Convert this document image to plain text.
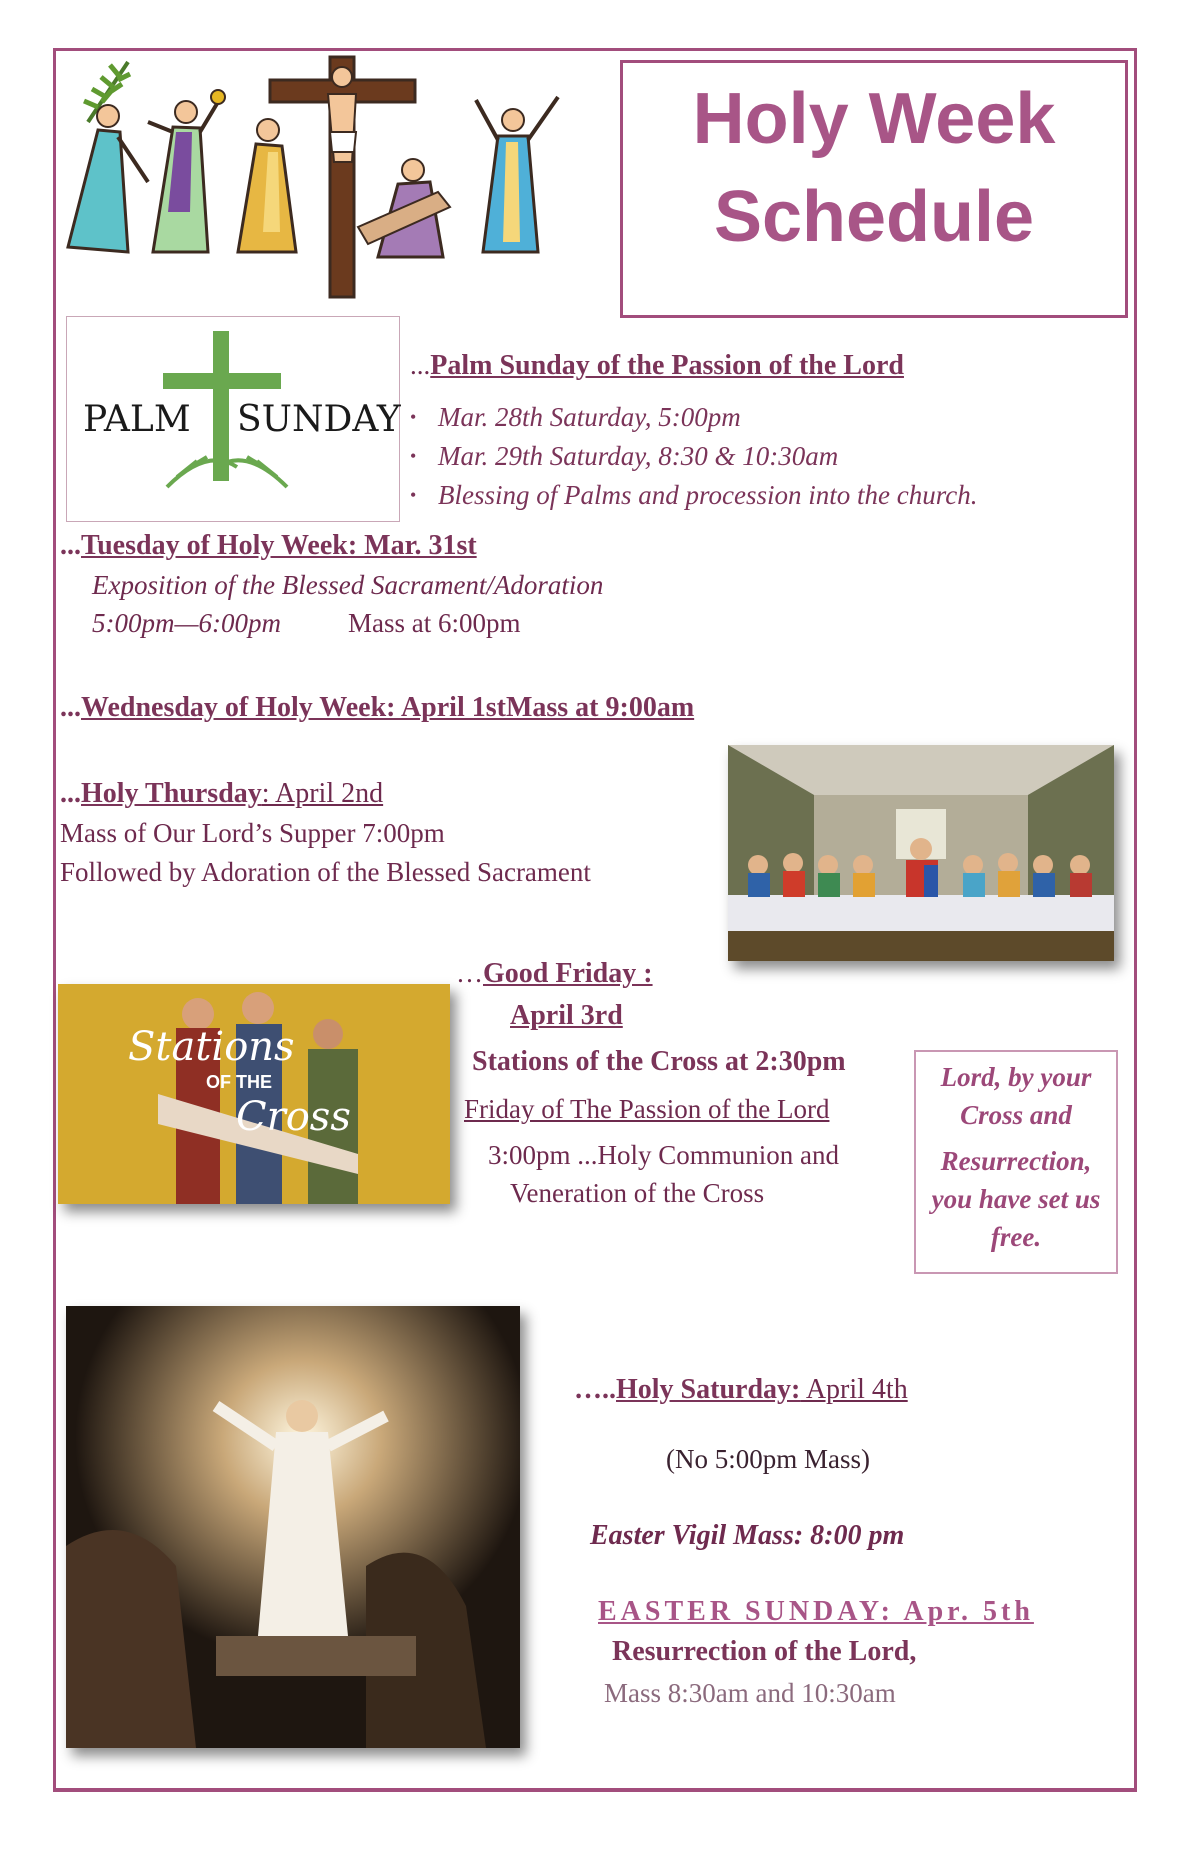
Holy Week
Schedule
PALM SUNDAY
...Palm Sunday of the Passion of the Lord
• Mar. 28th Saturday, 5:00pm
• Mar. 29th Saturday, 8:30 & 10:30am
• Blessing of Palms and procession into the church.
...Tuesday of Holy Week: Mar. 31st
Exposition of the Blessed Sacrament/Adoration
5:00pm—6:00pm Mass at 6:00pm
...Wednesday of Holy Week: April 1stMass at 9:00am
...Holy Thursday: April 2nd
Mass of Our Lord’s Supper 7:00pm
Followed by Adoration of the Blessed Sacrament
…Good Friday :
April 3rd
Stations of the Cross at 2:30pm
Friday of The Passion of the Lord
3:00pm ...Holy Communion and
Veneration of the Cross
Stations
OF THE
Cross
Lord, by your
Cross and
Resurrection,
you have set us
free.
…..Holy Saturday: April 4th
(No 5:00pm Mass)
Easter Vigil Mass: 8:00 pm
EASTER SUNDAY: Apr. 5th
Resurrection of the Lord,
Mass 8:30am and 10:30am
